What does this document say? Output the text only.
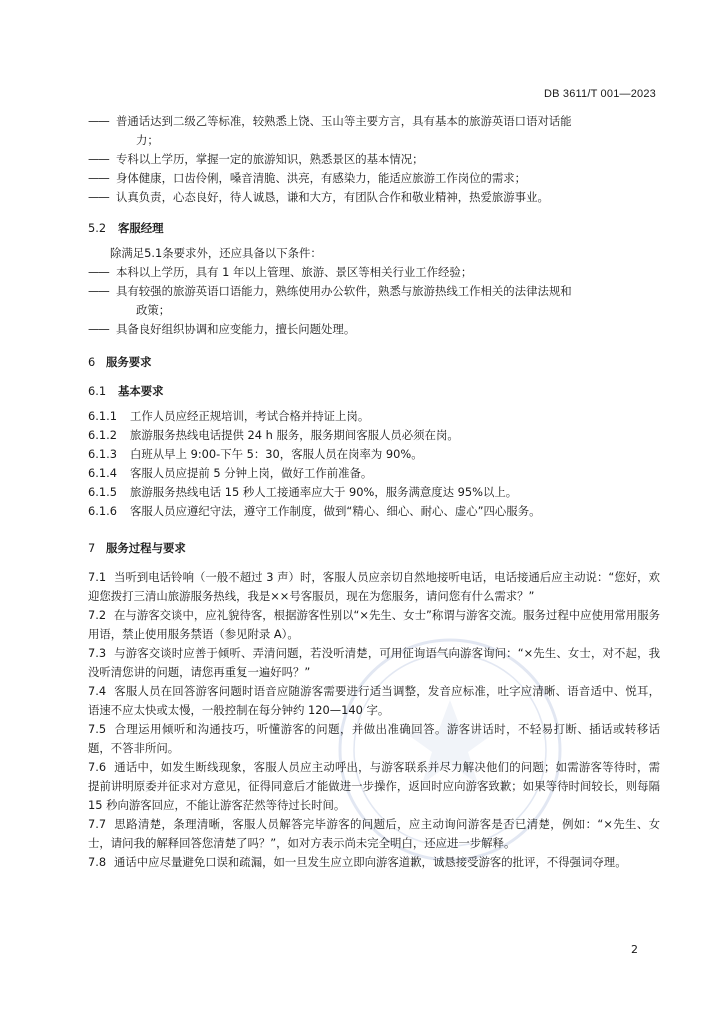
DB 3611/T 001—2023
—— 普通话达到二级乙等标准，较熟悉上饶、玉山等主要方言，具有基本的旅游英语口语对话能
力；
—— 专科以上学历，掌握一定的旅游知识，熟悉景区的基本情况；
—— 身体健康，口齿伶俐，嗓音清脆、洪亮，有感染力，能适应旅游工作岗位的需求；
—— 认真负责，心态良好，待人诚恳，谦和大方，有团队合作和敬业精神，热爱旅游事业。
5.2 客服经理
除满足5.1条要求外，还应具备以下条件：
—— 本科以上学历，具有 1 年以上管理、旅游、景区等相关行业工作经验；
—— 具有较强的旅游英语口语能力，熟练使用办公软件，熟悉与旅游热线工作相关的法律法规和
政策；
—— 具备良好组织协调和应变能力，擅长问题处理。
6 服务要求
6.1 基本要求
6.1.1 工作人员应经正规培训，考试合格并持证上岗。
6.1.2 旅游服务热线电话提供 24 h 服务，服务期间客服人员必须在岗。
6.1.3 白班从早上 9:00-下午 5：30，客服人员在岗率为 90%。
6.1.4 客服人员应提前 5 分钟上岗，做好工作前准备。
6.1.5 旅游服务热线电话 15 秒人工接通率应大于 90%，服务满意度达 95%以上。
6.1.6 客服人员应遵纪守法，遵守工作制度，做到“精心、细心、耐心、虚心”四心服务。
7 服务过程与要求
7.1 当听到电话铃响（一般不超过 3 声）时，客服人员应亲切自然地接听电话，电话接通后应主动说：“您好，欢迎您拨打三清山旅游服务热线，我是××号客服员，现在为您服务，请问您有什么需求？”
7.2 在与游客交谈中，应礼貌待客，根据游客性别以“×先生、女士”称谓与游客交流。服务过程中应使用常用服务用语，禁止使用服务禁语（参见附录 A）。
7.3 与游客交谈时应善于倾听、弄清问题，若没听清楚，可用征询语气向游客询问：“×先生、女士，对不起，我没听清您讲的问题，请您再重复一遍好吗？”
7.4 客服人员在回答游客问题时语音应随游客需要进行适当调整，发音应标准，吐字应清晰、语音适中、悦耳，语速不应太快或太慢，一般控制在每分钟约 120—140 字。
7.5 合理运用倾听和沟通技巧，听懂游客的问题，并做出准确回答。游客讲话时，不轻易打断、插话或转移话题，不答非所问。
7.6 通话中，如发生断线现象，客服人员应主动呼出，与游客联系并尽力解决他们的问题；如需游客等待时，需提前讲明原委并征求对方意见，征得同意后才能做进一步操作，返回时应向游客致歉；如果等待时间较长，则每隔 15 秒向游客回应，不能让游客茫然等待过长时间。
7.7 思路清楚，条理清晰，客服人员解答完毕游客的问题后，应主动询问游客是否已清楚，例如：“×先生、女士，请问我的解释回答您清楚了吗？”，如对方表示尚未完全明白，还应进一步解释。
7.8 通话中应尽量避免口误和疏漏，如一旦发生应立即向游客道歉，诚恳接受游客的批评，不得强词夺理。
2
